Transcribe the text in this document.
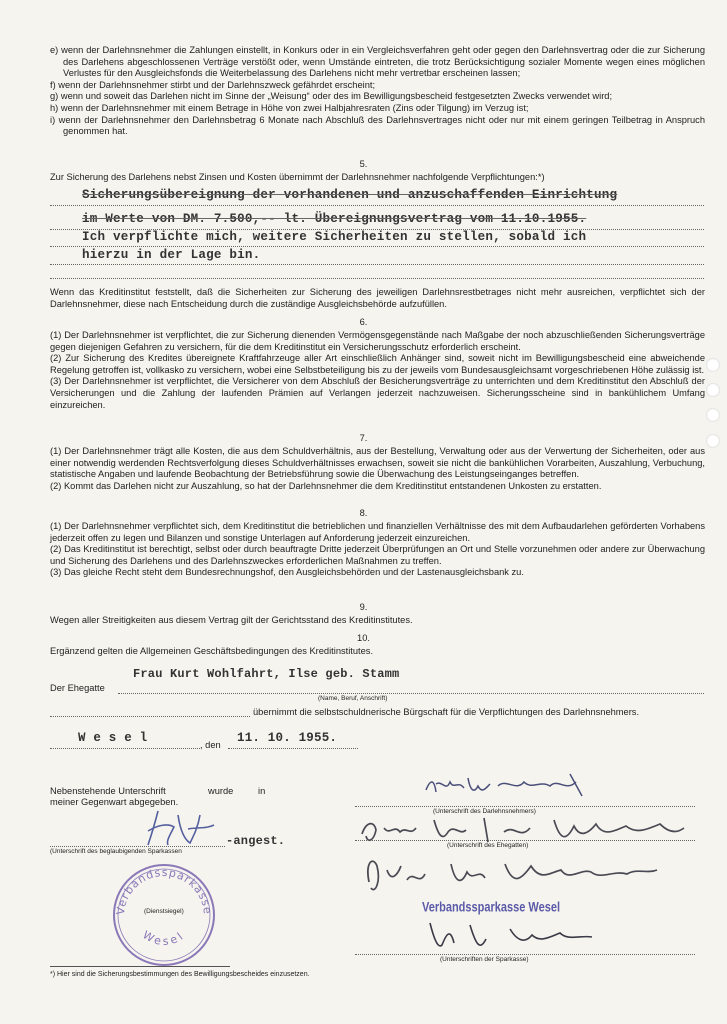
e) wenn der Darlehnsnehmer die Zahlungen einstellt, in Konkurs oder in ein Vergleichsverfahren geht oder gegen den Darlehnsvertrag oder die zur Sicherung des Darlehens abgeschlossenen Verträge verstößt oder, wenn Umstände eintreten, die trotz Berücksichtigung sozialer Momente wegen eines möglichen Verlustes für den Ausgleichsfonds die Weiterbelassung des Darlehens nicht mehr vertretbar erscheinen lassen;

f) wenn der Darlehnsnehmer stirbt und der Darlehnszweck gefährdet erscheint;

g) wenn und soweit das Darlehen nicht im Sinne der „Weisung“ oder des im Bewilligungsbescheid festgesetzten Zwecks verwendet wird;

h) wenn der Darlehnsnehmer mit einem Betrage in Höhe von zwei Halbjahresraten (Zins oder Tilgung) im Verzug ist;

i) wenn der Darlehnsnehmer den Darlehnsbetrag 6 Monate nach Abschluß des Darlehnsvertrages nicht oder nur mit einem geringen Teilbetrag in Anspruch genommen hat.

5.
Zur Sicherung des Darlehens nebst Zinsen und Kosten übernimmt der Darlehnsnehmer nachfolgende Verpflichtungen:*)
Sicherungsübereignung der vorhandenen und anzuschaffenden Einrichtung
im Werte von DM. 7.500,-- lt. Übereignungsvertrag vom 11.10.1955.
Ich verpflichte mich, weitere Sicherheiten zu stellen, sobald ich
hierzu in der Lage bin.
Wenn das Kreditinstitut feststellt, daß die Sicherheiten zur Sicherung des jeweiligen Darlehnsrestbetrages nicht mehr ausreichen, verpflichtet sich der Darlehnsnehmer, diese nach Entscheidung durch die zuständige Ausgleichsbehörde aufzufüllen.
6.

(1) Der Darlehnsnehmer ist verpflichtet, die zur Sicherung dienenden Vermögensgegenstände nach Maßgabe der noch abzuschließenden Sicherungsverträge gegen diejenigen Gefahren zu versichern, für die dem Kreditinstitut ein Versicherungsschutz erforderlich erscheint.

(2) Zur Sicherung des Kredites übereignete Kraftfahrzeuge aller Art einschließlich Anhänger sind, soweit nicht im Bewilligungsbescheid eine abweichende Regelung getroffen ist, vollkasko zu versichern, wobei eine Selbstbeteiligung bis zu der jeweils vom Bundesausgleichsamt vorgeschriebenen Höhe zulässig ist.

(3) Der Darlehnsnehmer ist verpflichtet, die Versicherer von dem Abschluß der Besicherungsverträge zu unterrichten und dem Kreditinstitut den Abschluß der Versicherungen und die Zahlung der laufenden Prämien auf Verlangen jederzeit nachzuweisen. Sicherungsscheine sind in bankühlichem Umfang einzureichen.

7.

(1) Der Darlehnsnehmer trägt alle Kosten, die aus dem Schuldverhältnis, aus der Bestellung, Verwaltung oder aus der Verwertung der Sicherheiten, oder aus einer notwendig werdenden Rechtsverfolgung dieses Schuldverhältnisses erwachsen, soweit sie nicht die bankühlichen Vorarbeiten, Auszahlung, Verbuchung, statistische Angaben und laufende Beobachtung der Betriebsführung sowie die Überwachung des Leistungseinganges betreffen.

(2) Kommt das Darlehen nicht zur Auszahlung, so hat der Darlehnsnehmer die dem Kreditinstitut entstandenen Unkosten zu erstatten.

8.

(1) Der Darlehnsnehmer verpflichtet sich, dem Kreditinstitut die betrieblichen und finanziellen Verhältnisse des mit dem Aufbaudarlehen geförderten Vorhabens jederzeit offen zu legen und Bilanzen und sonstige Unterlagen auf Anforderung jederzeit einzureichen.

(2) Das Kreditinstitut ist berechtigt, selbst oder durch beauftragte Dritte jederzeit Überprüfungen an Ort und Stelle vorzunehmen oder andere zur Überwachung und Sicherung des Darlehens und des Darlehnszweckes erforderlichen Maßnahmen zu treffen.

(3) Das gleiche Recht steht dem Bundesrechnungshof, den Ausgleichsbehörden und der Lastenausgleichsbank zu.

9.
Wegen aller Streitigkeiten aus diesem Vertrag gilt der Gerichtsstand des Kreditinstitutes.
10.
Ergänzend gelten die Allgemeinen Geschäftsbedingungen des Kreditinstitutes.
Der Ehegatte
Frau Kurt Wohlfahrt, Ilse geb. Stamm
(Name, Beruf, Anschrift)
übernimmt die selbstschuldnerische Bürgschaft für die Verpflichtungen des Darlehnsnehmers.
W e s e l	, den 11. 10. 1955.
Nebenstehende Unterschrift	wurde	in
meiner Gegenwart abgegeben.
-angest.
(Unterschrift des beglaubigenden Sparkassen
Verbandssparkasse
Wesel
(Dienstsiegel)
(Unterschrift des Darlehnsnehmers)
(Unterschrift des Ehegatten)
Verbandssparkasse Wesel
(Unterschriften der Sparkasse)
*) Hier sind die Sicherungsbestimmungen des Bewilligungsbescheides einzusetzen.
